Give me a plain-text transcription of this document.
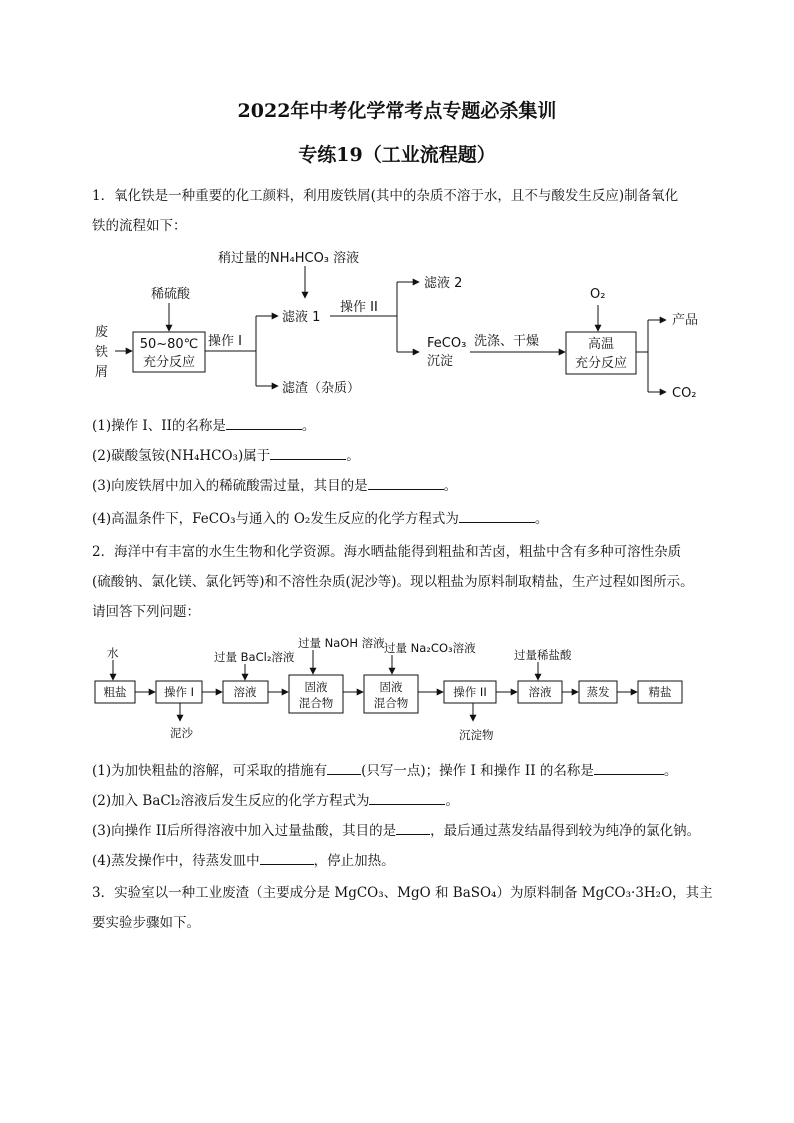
2022年中考化学常考点专题必杀集训
专练19（工业流程题）
1．氧化铁是一种重要的化工颜料，利用废铁屑(其中的杂质不溶于水，且不与酸发生反应)制备氧化
铁的流程如下：
稍过量的NH₄HCO₃ 溶液
稀硫酸
废
铁
屑
50~80℃
充分反应
操作 I
滤液 1
操作 II
滤渣（杂质）
滤液 2
FeCO₃
沉淀
洗涤、干燥
O₂
高温
充分反应
产品
CO₂
(1)操作 I、II的名称是	。
(2)碳酸氢铵(NH₄HCO₃)属于	。
(3)向废铁屑中加入的稀硫酸需过量，其目的是	。
(4)高温条件下，FeCO₃与通入的 O₂发生反应的化学方程式为	。
2．海洋中有丰富的水生生物和化学资源。海水晒盐能得到粗盐和苦卤，粗盐中含有多种可溶性杂质
(硫酸钠、氯化镁、氯化钙等)和不溶性杂质(泥沙等)。现以粗盐为原料制取精盐，生产过程如图所示。
请回答下列问题：
水
粗盐	操作 I
泥沙
过量 BaCl₂溶液
溶液
过量 NaOH 溶液
固液
混合物
过量 Na₂CO₃溶液
固液
混合物
操作 II
沉淀物
过量稀盐酸
溶液	蒸发	精盐
(1)为加快粗盐的溶解，可采取的措施有	(只写一点)；操作 I 和操作 II 的名称是	。
(2)加入 BaCl₂溶液后发生反应的化学方程式为	。
(3)向操作 II后所得溶液中加入过量盐酸，其目的是	，最后通过蒸发结晶得到较为纯净的氯化钠。
(4)蒸发操作中，待蒸发皿中	，停止加热。
3．实验室以一种工业废渣（主要成分是 MgCO₃、MgO 和 BaSO₄）为原料制备 MgCO₃·3H₂O，其主
要实验步骤如下。
